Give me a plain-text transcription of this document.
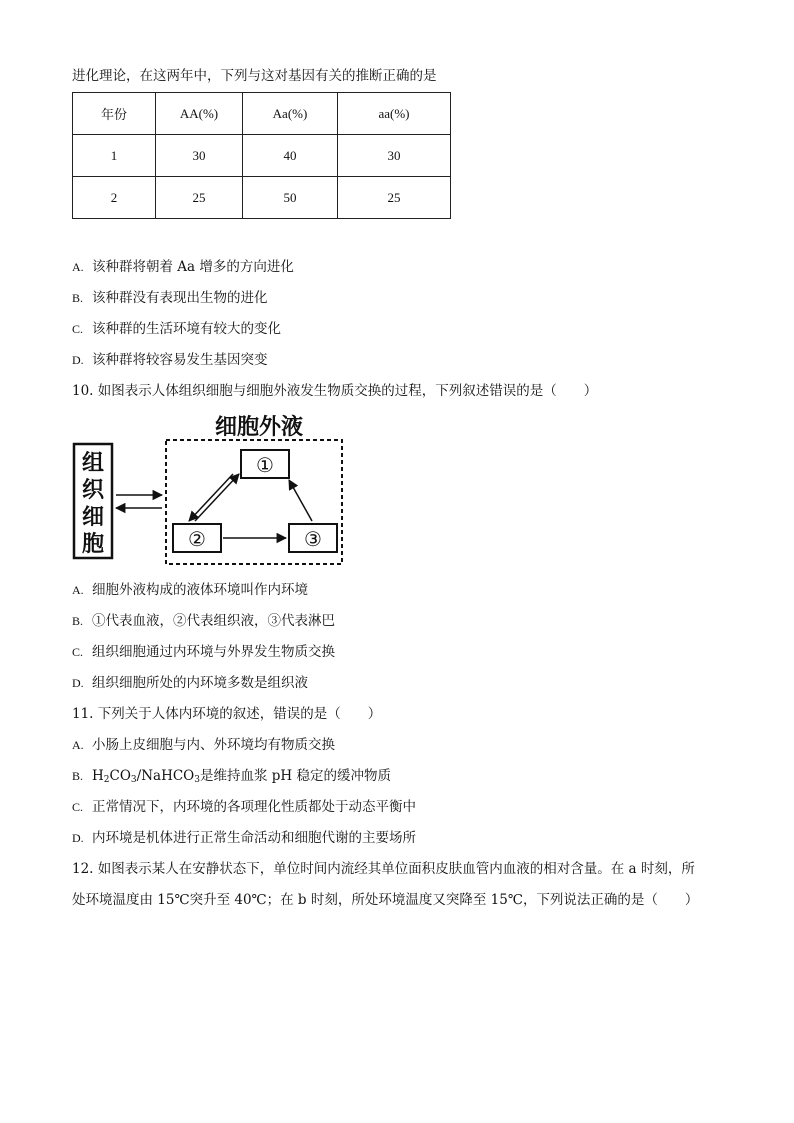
进化理论，在这两年中，下列与这对基因有关的推断正确的是
年份	AA(%)	Aa(%)	aa(%)
1	30	40	30
2	25	50	25
A. 该种群将朝着 Aa 增多的方向进化
B. 该种群没有表现出生物的进化
C. 该种群的生活环境有较大的变化
D. 该种群将较容易发生基因突变
10. 如图表示人体组织细胞与细胞外液发生物质交换的过程，下列叙述错误的是（　　）
细胞外液
组
织
细
胞
①
②	③
A. 细胞外液构成的液体环境叫作内环境
B. ①代表血液，②代表组织液，③代表淋巴
C. 组织细胞通过内环境与外界发生物质交换
D. 组织细胞所处的内环境多数是组织液
11. 下列关于人体内环境的叙述，错误的是（　　）
A. 小肠上皮细胞与内、外环境均有物质交换
B. $H_2CO_3/NaHCO_3$是维持血浆 pH 稳定的缓冲物质
C. 正常情况下，内环境的各项理化性质都处于动态平衡中
D. 内环境是机体进行正常生命活动和细胞代谢的主要场所
12. 如图表示某人在安静状态下，单位时间内流经其单位面积皮肤血管内血液的相对含量。在 a 时刻，所
处环境温度由 15℃突升至 40℃；在 b 时刻，所处环境温度又突降至 15℃，下列说法正确的是（　　）
